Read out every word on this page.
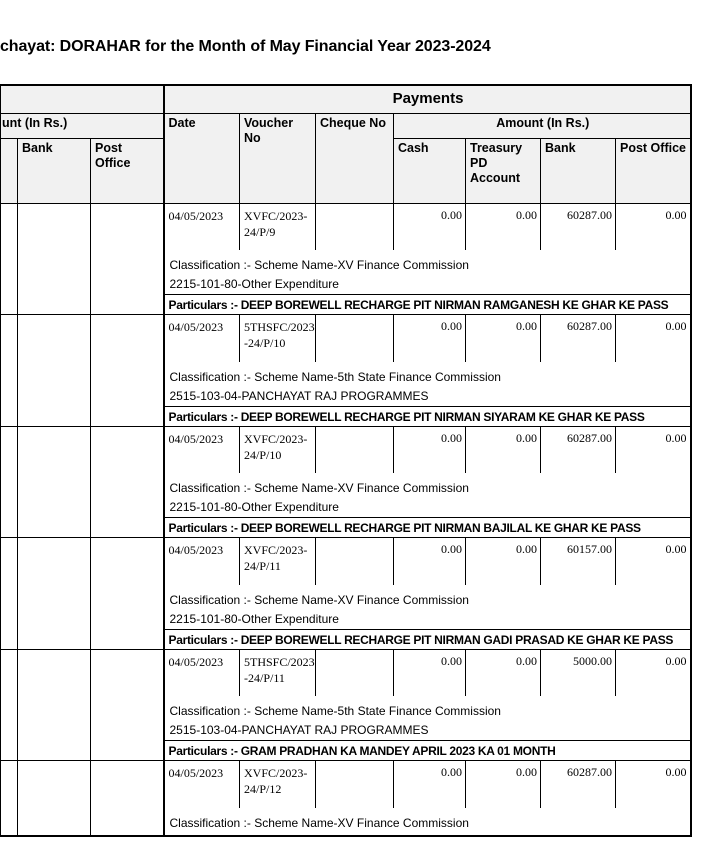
chayat: DORAHAR for the Month of May Financial Year 2023-2024
			Payments						
unt (In Rs.)			Date	Voucher No	Cheque No	Amount (In Rs.)			
	Bank	Post Office				Cash	Treasury PD Account	Bank	Post Office

			04/05/2023	XVFC/2023-
24/P/9		0.00	0.00	60287.00	0.00

			Classification :- Scheme Name-XV Finance Commission
2215-101-80-Other Expenditure						

			Particulars :- DEEP BOREWELL RECHARGE PIT NIRMAN RAMGANESH KE GHAR KE PASS						

			04/05/2023	5THSFC/2023
-24/P/10		0.00	0.00	60287.00	0.00

			Classification :- Scheme Name-5th State Finance Commission
2515-103-04-PANCHAYAT RAJ PROGRAMMES						

			Particulars :- DEEP BOREWELL RECHARGE PIT NIRMAN SIYARAM KE GHAR KE PASS						

			04/05/2023	XVFC/2023-
24/P/10		0.00	0.00	60287.00	0.00

			Classification :- Scheme Name-XV Finance Commission
2215-101-80-Other Expenditure						

			Particulars :- DEEP BOREWELL RECHARGE PIT NIRMAN BAJILAL KE GHAR KE PASS						

			04/05/2023	XVFC/2023-
24/P/11		0.00	0.00	60157.00	0.00

			Classification :- Scheme Name-XV Finance Commission
2215-101-80-Other Expenditure						

			Particulars :- DEEP BOREWELL RECHARGE PIT NIRMAN GADI PRASAD KE GHAR KE PASS						

			04/05/2023	5THSFC/2023
-24/P/11		0.00	0.00	5000.00	0.00

			Classification :- Scheme Name-5th State Finance Commission
2515-103-04-PANCHAYAT RAJ PROGRAMMES						

			Particulars :- GRAM PRADHAN KA MANDEY APRIL 2023 KA 01 MONTH						

			04/05/2023	XVFC/2023-
24/P/12		0.00	0.00	60287.00	0.00

			Classification :- Scheme Name-XV Finance Commission						
